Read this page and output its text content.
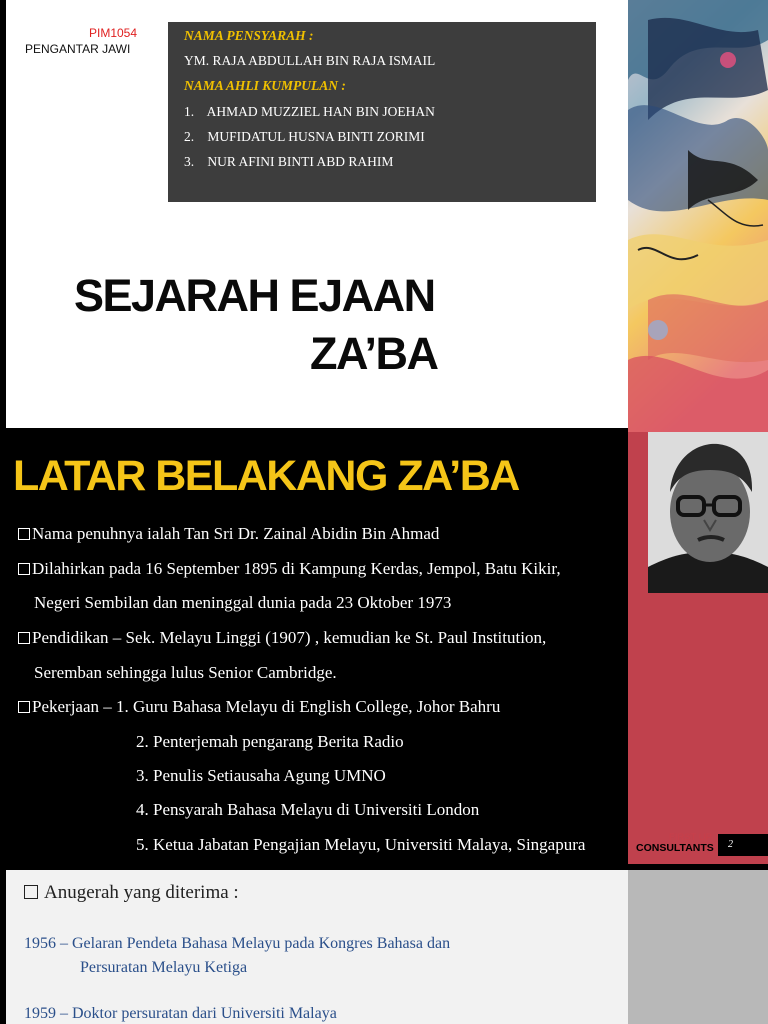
PIM1054
PENGANTAR JAWI
NAMA PENSYARAH :
YM. RAJA ABDULLAH BIN RAJA ISMAIL
NAMA AHLI KUMPULAN :
1. AHMAD MUZZIEL HAN BIN JOEHAN
2. MUFIDATUL HUSNA BINTI ZORIMI
3. NUR AFINI BINTI ABD RAHIM
SEJARAH EJAAN
ZA’BA
LATAR BELAKANG ZA’BA
Nama penuhnya ialah Tan Sri Dr. Zainal Abidin Bin Ahmad
Dilahirkan pada 16 September 1895 di Kampung Kerdas, Jempol, Batu Kikir,
Negeri Sembilan dan meninggal dunia pada 23 Oktober 1973
Pendidikan – Sek. Melayu Linggi (1907) , kemudian ke St. Paul Institution,
Seremban sehingga lulus Senior Cambridge.
Pekerjaan – 1. Guru Bahasa Melayu di English College, Johor Bahru
2. Penterjemah pengarang Berita Radio
3. Penulis Setiausaha Agung UMNO
4. Pensyarah Bahasa Melayu di Universiti London
5. Ketua Jabatan Pengajian Melayu, Universiti Malaya, Singapura	FIRST UP
CONSULTANTS	2
Anugerah yang diterima :
1956 – Gelaran Pendeta Bahasa Melayu pada Kongres Bahasa dan
Persuratan Melayu Ketiga
1959 – Doktor persuratan dari Universiti Malaya
